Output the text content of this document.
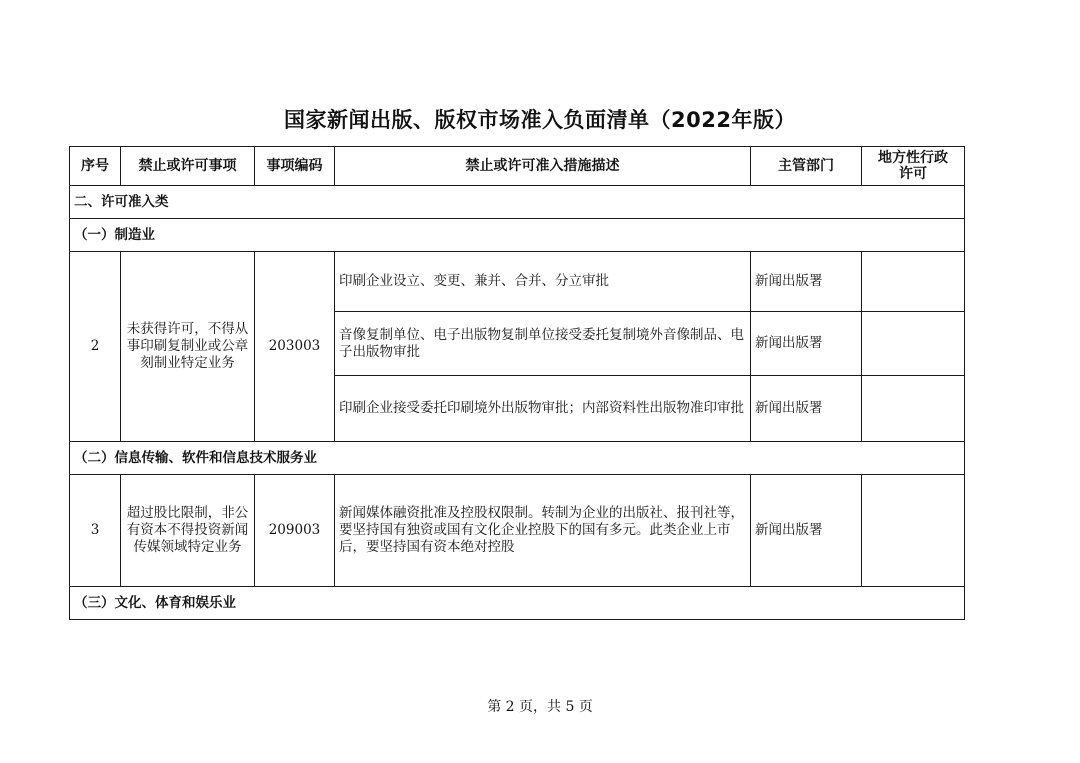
国家新闻出版、版权市场准入负面清单（2022年版）
序号	禁止或许可事项	事项编码	禁止或许可准入措施描述	主管部门	地方性行政许可
二、许可准入类					
（一）制造业					
2	未获得许可，不得从事印刷复制业或公章刻制业特定业务	203003	印刷企业设立、变更、兼并、合并、分立审批	新闻出版署	
			音像复制单位、电子出版物复制单位接受委托复制境外音像制品、电子出版物审批	新闻出版署	
			印刷企业接受委托印刷境外出版物审批；内部资料性出版物准印审批	新闻出版署	
（二）信息传输、软件和信息技术服务业					
3	超过股比限制，非公有资本不得投资新闻传媒领域特定业务	209003	新闻媒体融资批准及控股权限制。转制为企业的出版社、报刊社等，要坚持国有独资或国有文化企业控股下的国有多元。此类企业上市后，要坚持国有资本绝对控股	新闻出版署	
（三）文化、体育和娱乐业					
第 2 页，共 5 页
